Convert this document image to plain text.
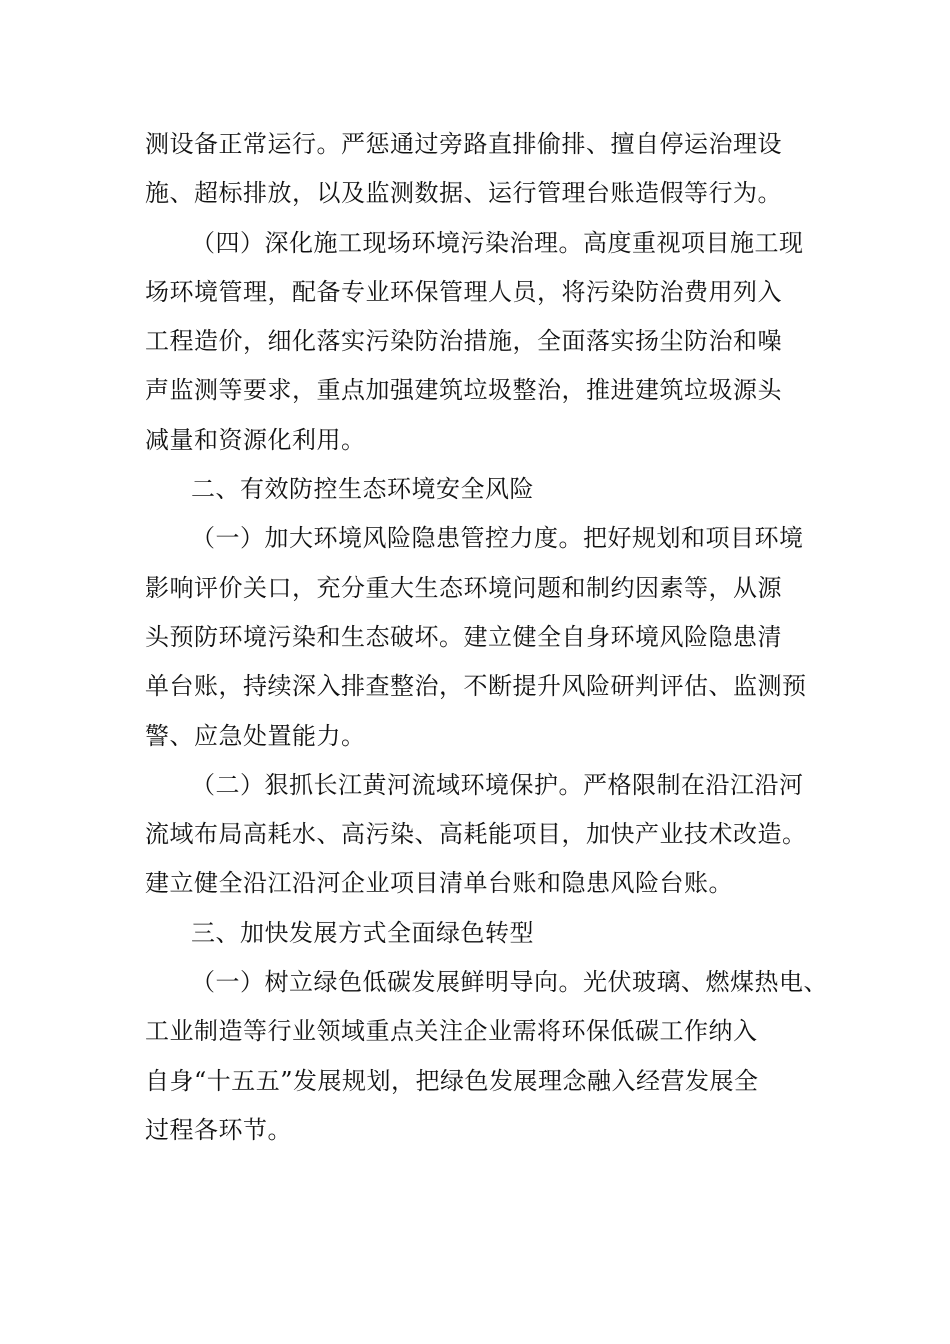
测设备正常运行。严惩通过旁路直排偷排、擅自停运治理设
施、超标排放，以及监测数据、运行管理台账造假等行为。
（四）深化施工现场环境污染治理。高度重视项目施工现
场环境管理，配备专业环保管理人员，将污染防治费用列入
工程造价，细化落实污染防治措施，全面落实扬尘防治和噪
声监测等要求，重点加强建筑垃圾整治，推进建筑垃圾源头
减量和资源化利用。
二、有效防控生态环境安全风险
（一）加大环境风险隐患管控力度。把好规划和项目环境
影响评价关口，充分重大生态环境问题和制约因素等，从源
头预防环境污染和生态破坏。建立健全自身环境风险隐患清
单台账，持续深入排查整治，不断提升风险研判评估、监测预
警、应急处置能力。
（二）狠抓长江黄河流域环境保护。严格限制在沿江沿河
流域布局高耗水、高污染、高耗能项目，加快产业技术改造。
建立健全沿江沿河企业项目清单台账和隐患风险台账。
三、加快发展方式全面绿色转型
（一）树立绿色低碳发展鲜明导向。光伏玻璃、燃煤热电、
工业制造等行业领域重点关注企业需将环保低碳工作纳入
自身“十五五”发展规划，把绿色发展理念融入经营发展全
过程各环节。
